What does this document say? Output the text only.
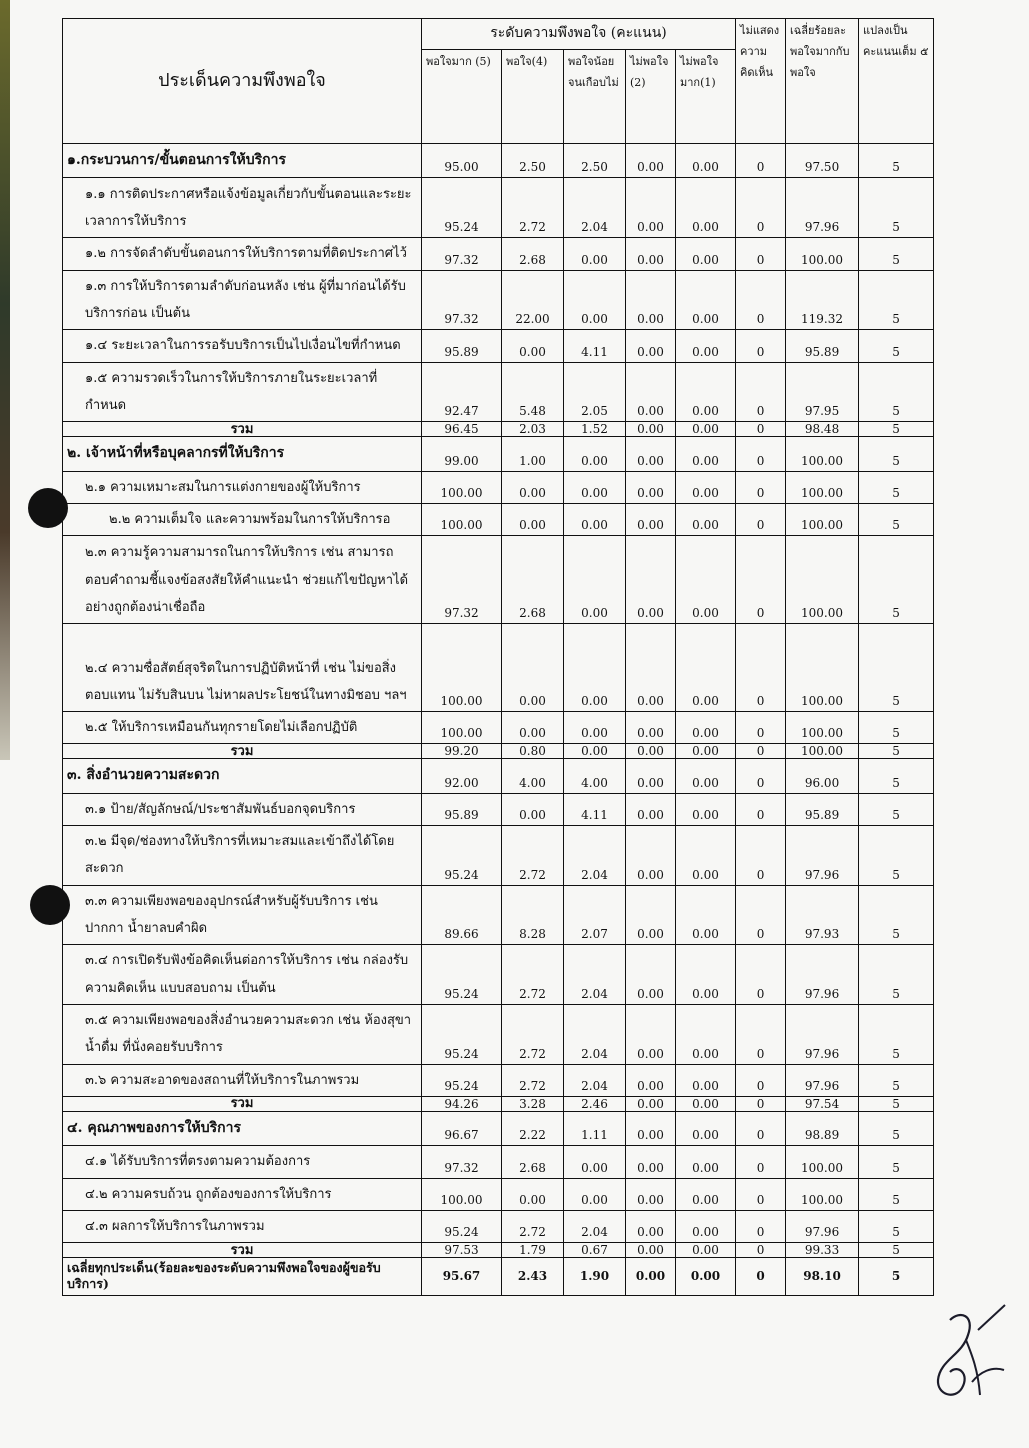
ประเด็นความพึงพอใจ	ระดับความพึงพอใจ (คะแนน)					ไม่แสดงความคิดเห็น	เฉลี่ยร้อยละพอใจมากกับพอใจ	แปลงเป็นคะแนนเต็ม ๕
	พอใจมาก (5)	พอใจ(4)	พอใจน้อยจนเกือบไม่	ไม่พอใจ (2)	ไม่พอใจมาก(1)			
๑.กระบวนการ/ขั้นตอนการให้บริการ	95.00	2.50	2.50	0.00	0.00	0	97.50	5
๑.๑ การติดประกาศหรือแจ้งข้อมูลเกี่ยวกับขั้นตอนและระยะเวลาการให้บริการ	95.24	2.72	2.04	0.00	0.00	0	97.96	5
๑.๒ การจัดลำดับขั้นตอนการให้บริการตามที่ติดประกาศไว้	97.32	2.68	0.00	0.00	0.00	0	100.00	5
๑.๓ การให้บริการตามลำดับก่อนหลัง เช่น ผู้ที่มาก่อนได้รับบริการก่อน เป็นต้น	97.32	22.00	0.00	0.00	0.00	0	119.32	5
๑.๔ ระยะเวลาในการรอรับบริการเป็นไปเงื่อนไขที่กำหนด	95.89	0.00	4.11	0.00	0.00	0	95.89	5
๑.๕ ความรวดเร็วในการให้บริการภายในระยะเวลาที่กำหนด	92.47	5.48	2.05	0.00	0.00	0	97.95	5
รวม	96.45	2.03	1.52	0.00	0.00	0	98.48	5
๒. เจ้าหน้าที่หรือบุคลากรที่ให้บริการ	99.00	1.00	0.00	0.00	0.00	0	100.00	5
๒.๑ ความเหมาะสมในการแต่งกายของผู้ให้บริการ	100.00	0.00	0.00	0.00	0.00	0	100.00	5
๒.๒ ความเต็มใจ และความพร้อมในการให้บริการอ	100.00	0.00	0.00	0.00	0.00	0	100.00	5
๒.๓ ความรู้ความสามารถในการให้บริการ เช่น สามารถตอบคำถามชี้แจงข้อสงสัยให้คำแนะนำ ช่วยแก้ไขปัญหาได้อย่างถูกต้องน่าเชื่อถือ	97.32	2.68	0.00	0.00	0.00	0	100.00	5
๒.๔ ความซื่อสัตย์สุจริตในการปฏิบัติหน้าที่ เช่น ไม่ขอสิ่งตอบแทน ไม่รับสินบน ไม่หาผลประโยชน์ในทางมิชอบ ฯลฯ	100.00	0.00	0.00	0.00	0.00	0	100.00	5
๒.๕ ให้บริการเหมือนกันทุกรายโดยไม่เลือกปฏิบัติ	100.00	0.00	0.00	0.00	0.00	0	100.00	5
รวม	99.20	0.80	0.00	0.00	0.00	0	100.00	5
๓. สิ่งอำนวยความสะดวก	92.00	4.00	4.00	0.00	0.00	0	96.00	5
๓.๑ ป้าย/สัญลักษณ์/ประชาสัมพันธ์บอกจุดบริการ	95.89	0.00	4.11	0.00	0.00	0	95.89	5
๓.๒ มีจุด/ช่องทางให้บริการที่เหมาะสมและเข้าถึงได้โดยสะดวก	95.24	2.72	2.04	0.00	0.00	0	97.96	5
๓.๓ ความเพียงพอของอุปกรณ์สำหรับผู้รับบริการ เช่น ปากกา น้ำยาลบคำผิด	89.66	8.28	2.07	0.00	0.00	0	97.93	5
๓.๔ การเปิดรับฟังข้อคิดเห็นต่อการให้บริการ เช่น กล่องรับความคิดเห็น แบบสอบถาม เป็นต้น	95.24	2.72	2.04	0.00	0.00	0	97.96	5
๓.๕ ความเพียงพอของสิ่งอำนวยความสะดวก เช่น ห้องสุขา น้ำดื่ม ที่นั่งคอยรับบริการ	95.24	2.72	2.04	0.00	0.00	0	97.96	5
๓.๖ ความสะอาดของสถานที่ให้บริการในภาพรวม	95.24	2.72	2.04	0.00	0.00	0	97.96	5
รวม	94.26	3.28	2.46	0.00	0.00	0	97.54	5
๔. คุณภาพของการให้บริการ	96.67	2.22	1.11	0.00	0.00	0	98.89	5
๔.๑ ได้รับบริการที่ตรงตามความต้องการ	97.32	2.68	0.00	0.00	0.00	0	100.00	5
๔.๒ ความครบถ้วน ถูกต้องของการให้บริการ	100.00	0.00	0.00	0.00	0.00	0	100.00	5
๔.๓ ผลการให้บริการในภาพรวม	95.24	2.72	2.04	0.00	0.00	0	97.96	5
รวม	97.53	1.79	0.67	0.00	0.00	0	99.33	5
เฉลี่ยทุกประเด็น(ร้อยละของระดับความพึงพอใจของผู้ขอรับบริการ)	95.67	2.43	1.90	0.00	0.00	0	98.10	5
